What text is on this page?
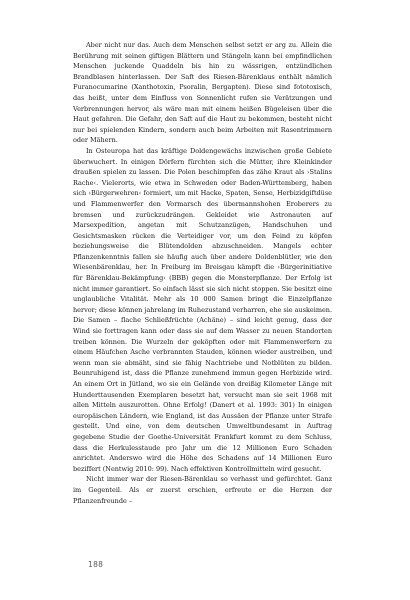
Aber nicht nur das. Auch dem Menschen selbst setzt er arg zu. Allein die Berührung mit seinen giftigen Blättern und Stängeln kann bei empfindlichen Menschen juckende Quaddeln bis hin zu wässrigen, entzündlichen Brandblasen hinterlassen. Der Saft des Riesen-Bärenklaus enthält nämlich Furanocumarine (Xanthotoxin, Psoralin, Bergapten). Diese sind fototoxisch, das heißt, unter dem Einfluss von Sonnenlicht rufen sie Verätzungen und Verbrennungen hervor, als wäre man mit einem heißen Bügeleisen über die Haut gefahren. Die Gefahr, den Saft auf die Haut zu bekommen, besteht nicht nur bei spielenden Kindern, sondern auch beim Arbeiten mit Rasentrimmern oder Mähern.

In Osteuropa hat das kräftige Doldengewächs inzwischen große Gebiete überwuchert. In einigen Dörfern fürchten sich die Mütter, ihre Kleinkinder draußen spielen zu lassen. Die Polen beschimpfen das zähe Kraut als ›Stalins Rache‹. Vielerorts, wie etwa in Schweden oder Baden-Württemberg, haben sich ›Bürgerwehren‹ formiert, um mit Hacke, Spaten, Sense, Herbizidgiftdüse und Flammenwerfer den Vormarsch des übermannshohen Eroberers zu bremsen und zurückzudrängen. Gekleidet wie Astronauten auf Marsexpedition, angetan mit Schutzanzügen, Handschuhen und Gesichtsmasken rücken die Verteidiger vor, um den Feind zu köpfen beziehungsweise die Blütendolden abzuschneiden. Mangels echter Pflanzenkenntnis fallen sie häufig auch über andere Doldenblütler, wie den Wiesenbärenklau, her. In Freiburg im Breisgau kämpft die ›Bürgerinitiative für Bärenklau-Bekämpfung‹ (BBB) gegen die Monsterpflanze. Der Erfolg ist nicht immer garantiert. So einfach lässt sie sich nicht stoppen. Sie besitzt eine unglaubliche Vitalität. Mehr als 10 000 Samen bringt die Einzelpflanze hervor; diese können jahrelang im Ruhezustand verharren, ehe sie auskeimen. Die Samen – flache Schließfrüchte (Achäne) – sind leicht genug, dass der Wind sie forttragen kann oder dass sie auf dem Wasser zu neuen Standorten treiben können. Die Wurzeln der geköpften oder mit Flammenwerfern zu einem Häufchen Asche verbrannten Stauden, können wieder austreiben, und wenn man sie abmäht, sind sie fähig Nachtriebe und Notblüten zu bilden. Beunruhigend ist, dass die Pflanze zunehmend immun gegen Herbizide wird. An einem Ort in Jütland, wo sie ein Gelände von dreißig Kilometer Länge mit Hunderttausenden Exemplaren besetzt hat, versucht man sie seit 1968 mit allen Mitteln auszurotten. Ohne Erfolg! (Danert et al. 1993: 301) In einigen europäischen Ländern, wie England, ist das Aussäen der Pflanze unter Strafe gestellt. Und eine, von dem deutschen Umweltbundesamt in Auftrag gegebene Studie der Goethe-Universität Frankfurt kommt zu dem Schluss, dass die Herkulesstaude pro Jahr um die 12 Millionen Euro Schaden anrichtet. Anderswo wird die Höhe des Schadens auf 14 Millionen Euro beziffert (Nentwig 2010: 99). Nach effektiven Kontrollmitteln wird gesucht.

Nicht immer war der Riesen-Bärenklau so verhasst und gefürchtet. Ganz im Gegenteil. Als er zuerst erschien, erfreute er die Herzen der Pflanzenfreunde –

188
